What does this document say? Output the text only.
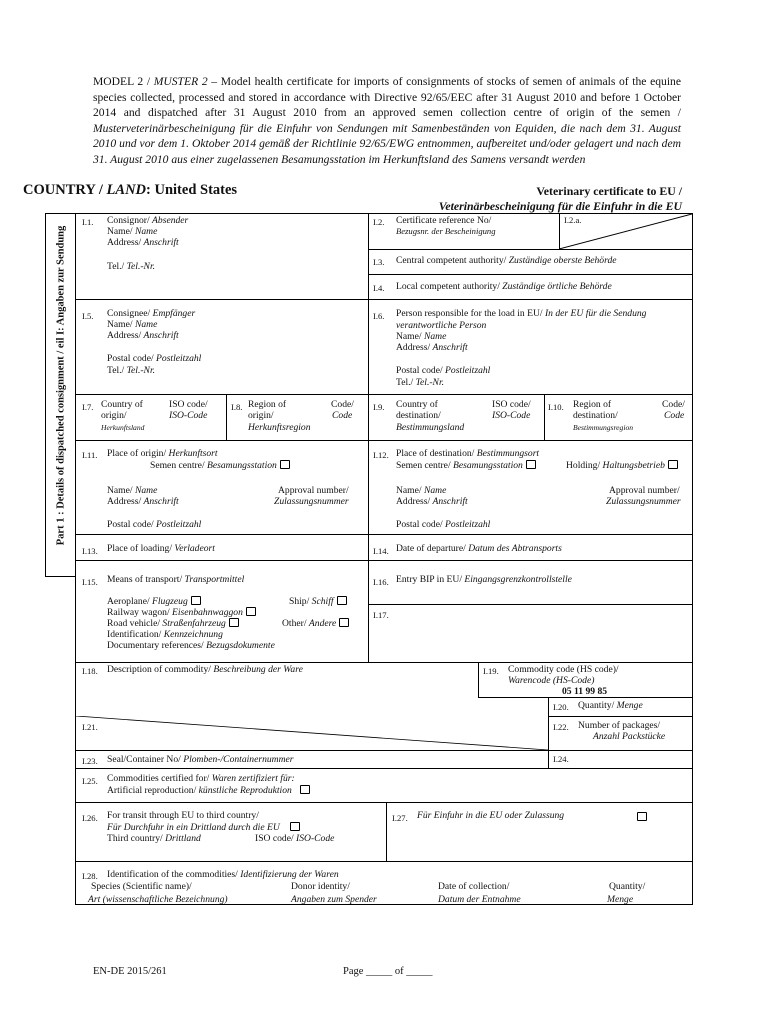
MODEL 2 / MUSTER 2 – Model health certificate for imports of consignments of stocks of semen of animals of the equine species collected, processed and stored in accordance with Directive 92/65/EEC after 31 August 2010 and before 1 October 2014 and dispatched after 31 August 2010 from an approved semen collection centre of origin of the semen / Musterveterinärbescheinigung für die Einfuhr von Sendungen mit Samenbeständen von Equiden, die nach dem 31. August 2010 und vor dem 1. Oktober 2014 gemäß der Richtlinie 92/65/EWG entnommen, aufbereitet und/oder gelagert und nach dem 31. August 2010 aus einer zugelassenen Besamungsstation im Herkunftsland des Samens versandt werden
COUNTRY / LAND: United States	Veterinary certificate to EU /
Veterinärbescheinigung für die Einfuhr in die EU
Part 1 : Details of dispatched consignment / eil I: Angaben zur Sendung
I.1. Consignor/ Absender
Name/ Name
Address/ Anschrift
Tel./ Tel.-Nr.
I.2. Certificate reference No/
Bezugsnr. der Bescheinigung
I.2.a.
I.3. Central competent authority/ Zuständige oberste Behörde
I.4. Local competent authority/ Zuständige örtliche Behörde
I.5. Consignee/ Empfänger
Name/ Name
Address/ Anschrift
Postal code/ Postleitzahl
Tel./ Tel.-Nr.
I.6. Person responsible for the load in EU/ In der EU für die Sendung
verantwortliche Person
Name/ Name
Address/ Anschrift
Postal code/ Postleitzahl
Tel./ Tel.-Nr.
I.7. Country of
origin/
Herkunftsland
ISO code/
ISO-Code
I.8. Region of
origin/
Herkunftsregion
Code/
Code
I.9. Country of
destination/
Bestimmungsland
ISO code/
ISO-Code
I.10. Region of
destination/
Bestimmungsregion
Code/
Code
I.11. Place of origin/ Herkunftsort
Semen centre/ Besamungsstation
Name/ Name
Address/ Anschrift
Approval number/
Zulassungsnummer
Postal code/ Postleitzahl
I.12. Place of destination/ Bestimmungsort
Semen centre/ Besamungsstation	Holding/ Haltungsbetrieb
Name/ Name
Address/ Anschrift
Approval number/
Zulassungsnummer
Postal code/ Postleitzahl
I.13. Place of loading/ Verladeort	I.14. Date of departure/ Datum des Abtransports
I.15. Means of transport/ Transportmittel
Aeroplane/ Flugzeug	Ship/ Schiff
Railway wagon/ Eisenbahnwaggon
Road vehicle/ Straßenfahrzeug	Other/ Andere
Identification/ Kennzeichnung
Documentary references/ Bezugsdokumente
I.16. Entry BIP in EU/ Eingangsgrenzkontrollstelle
I.17.
I.18. Description of commodity/ Beschreibung der Ware	I.19. Commodity code (HS code)/
Warencode (HS-Code)
05 11 99 85
I.20. Quantity/ Menge
I.21.	I.22. Number of packages/
Anzahl Packstücke
I.23. Seal/Container No/ Plomben-/Containernummer	I.24.
I.25. Commodities certified for/ Waren zertifiziert für:
Artificial reproduction/ künstliche Reproduktion
I.26. For transit through EU to third country/
Für Durchfuhr in ein Drittland durch die EU
Third country/ Drittland	ISO code/ ISO-Code
I.27. Für Einfuhr in die EU oder Zulassung
I.28. Identification of the commodities/ Identifizierung der Waren
Species (Scientific name)/
Art (wissenschaftliche Bezeichnung)
Donor identity/
Angaben zum Spender
Date of collection/
Datum der Entnahme
Quantity/
Menge
EN-DE 2015/261	Page _____ of _____
